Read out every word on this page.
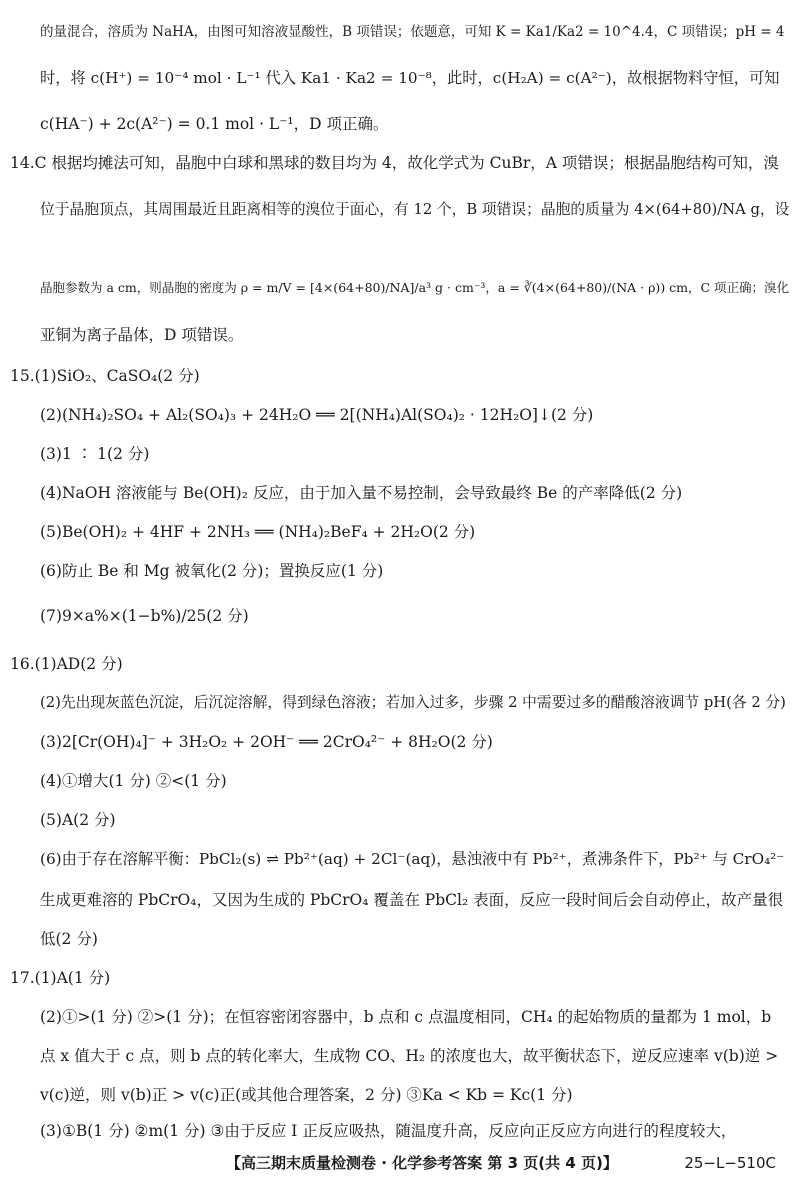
的量混合，溶质为 NaHA，由图可知溶液显酸性，B 项错误；依题意，可知 K = Ka1/Ka2 = 10^4.4，C 项错误；pH = 4
时，将 c(H⁺) = 10⁻⁴ mol · L⁻¹ 代入 Ka1 · Ka2 = 10⁻⁸，此时，c(H₂A) = c(A²⁻)，故根据物料守恒，可知
c(HA⁻) + 2c(A²⁻) = 0.1 mol · L⁻¹，D 项正确。
14.C 根据均摊法可知，晶胞中白球和黑球的数目均为 4，故化学式为 CuBr，A 项错误；根据晶胞结构可知，溴
位于晶胞顶点，其周围最近且距离相等的溴位于面心，有 12 个，B 项错误；晶胞的质量为 4×(64+80)/NA g，设
晶胞参数为 a cm，则晶胞的密度为 ρ = m/V = [4×(64+80)/NA]/a³ g · cm⁻³，a = ∛(4×(64+80)/(NA · ρ)) cm，C 项正确；溴化
亚铜为离子晶体，D 项错误。
15.(1)SiO₂、CaSO₄(2 分)
(2)(NH₄)₂SO₄ + Al₂(SO₄)₃ + 24H₂O ══ 2[(NH₄)Al(SO₄)₂ · 12H₂O]↓(2 分)
(3)1 ∶ 1(2 分)
(4)NaOH 溶液能与 Be(OH)₂ 反应，由于加入量不易控制，会导致最终 Be 的产率降低(2 分)
(5)Be(OH)₂ + 4HF + 2NH₃ ══ (NH₄)₂BeF₄ + 2H₂O(2 分)
(6)防止 Be 和 Mg 被氧化(2 分)；置换反应(1 分)
(7)9×a%×(1−b%)/25(2 分)
16.(1)AD(2 分)
(2)先出现灰蓝色沉淀，后沉淀溶解，得到绿色溶液；若加入过多，步骤 2 中需要过多的醋酸溶液调节 pH(各 2 分)
(3)2[Cr(OH)₄]⁻ + 3H₂O₂ + 2OH⁻ ══ 2CrO₄²⁻ + 8H₂O(2 分)
(4)①增大(1 分) ②<(1 分)
(5)A(2 分)
(6)由于存在溶解平衡：PbCl₂(s) ⇌ Pb²⁺(aq) + 2Cl⁻(aq)，悬浊液中有 Pb²⁺，煮沸条件下，Pb²⁺ 与 CrO₄²⁻
生成更难溶的 PbCrO₄，又因为生成的 PbCrO₄ 覆盖在 PbCl₂ 表面，反应一段时间后会自动停止，故产量很
低(2 分)
17.(1)A(1 分)
(2)①>(1 分) ②>(1 分)；在恒容密闭容器中，b 点和 c 点温度相同，CH₄ 的起始物质的量都为 1 mol，b
点 x 值大于 c 点，则 b 点的转化率大，生成物 CO、H₂ 的浓度也大，故平衡状态下，逆反应速率 v(b)逆 >
v(c)逆，则 v(b)正 > v(c)正(或其他合理答案，2 分) ③Ka < Kb = Kc(1 分)
(3)①B(1 分) ②m(1 分) ③由于反应 Ⅰ 正反应吸热，随温度升高，反应向正反应方向进行的程度较大，
【高三期末质量检测卷 · 化学参考答案 第 3 页(共 4 页)】	25−L−510C
